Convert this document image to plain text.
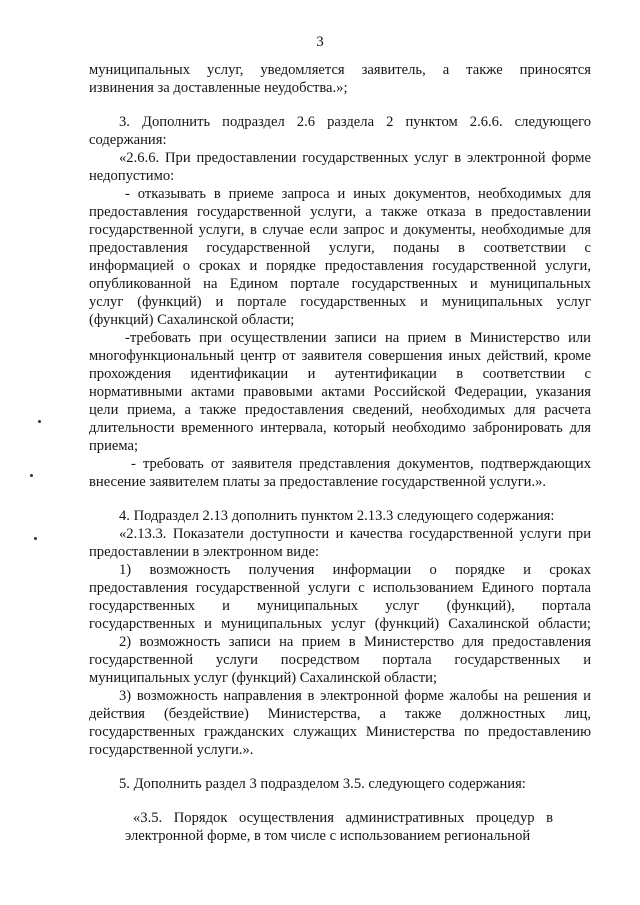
3
муниципальных услуг, уведомляется заявитель, а также приносятся
извинения за доставленные неудобства.»;
3. Дополнить подраздел 2.6 раздела 2 пунктом 2.6.6. следующего
содержания:
«2.6.6. При предоставлении государственных услуг в электронной форме
недопустимо:
- отказывать в приеме запроса и иных документов, необходимых для
предоставления государственной услуги, а также отказа в предоставлении
государственной услуги, в случае если запрос и документы, необходимые для
предоставления государственной услуги, поданы в соответствии с
информацией о сроках и порядке предоставления государственной услуги,
опубликованной на Едином портале государственных и муниципальных
услуг (функций) и портале государственных и муниципальных услуг
(функций) Сахалинской области;
-требовать при осуществлении записи на прием в Министерство или
многофункциональный центр от заявителя совершения иных действий, кроме
прохождения идентификации и аутентификации в соответствии с
нормативными актами правовыми актами Российской Федерации, указания
цели приема, а также предоставления сведений, необходимых для расчета
длительности временного интервала, который необходимо забронировать для
приема;
- требовать от заявителя представления документов, подтверждающих
внесение заявителем платы за предоставление государственной услуги.».
4. Подраздел 2.13 дополнить пунктом 2.13.3 следующего содержания:
«2.13.3. Показатели доступности и качества государственной услуги при
предоставлении в электронном виде:
1) возможность получения информации о порядке и сроках
предоставления государственной услуги с использованием Единого портала
государственных и муниципальных услуг (функций), портала
государственных и муниципальных услуг (функций) Сахалинской области;
2) возможность записи на прием в Министерство для предоставления
государственной услуги посредством портала государственных и
муниципальных услуг (функций) Сахалинской области;
3) возможность направления в электронной форме жалобы на решения и
действия (бездействие) Министерства, а также должностных лиц,
государственных гражданских служащих Министерства по предоставлению
государственной услуги.».
5. Дополнить раздел 3 подразделом 3.5. следующего содержания:
«3.5. Порядок осуществления административных процедур в
электронной форме, в том числе с использованием региональной
